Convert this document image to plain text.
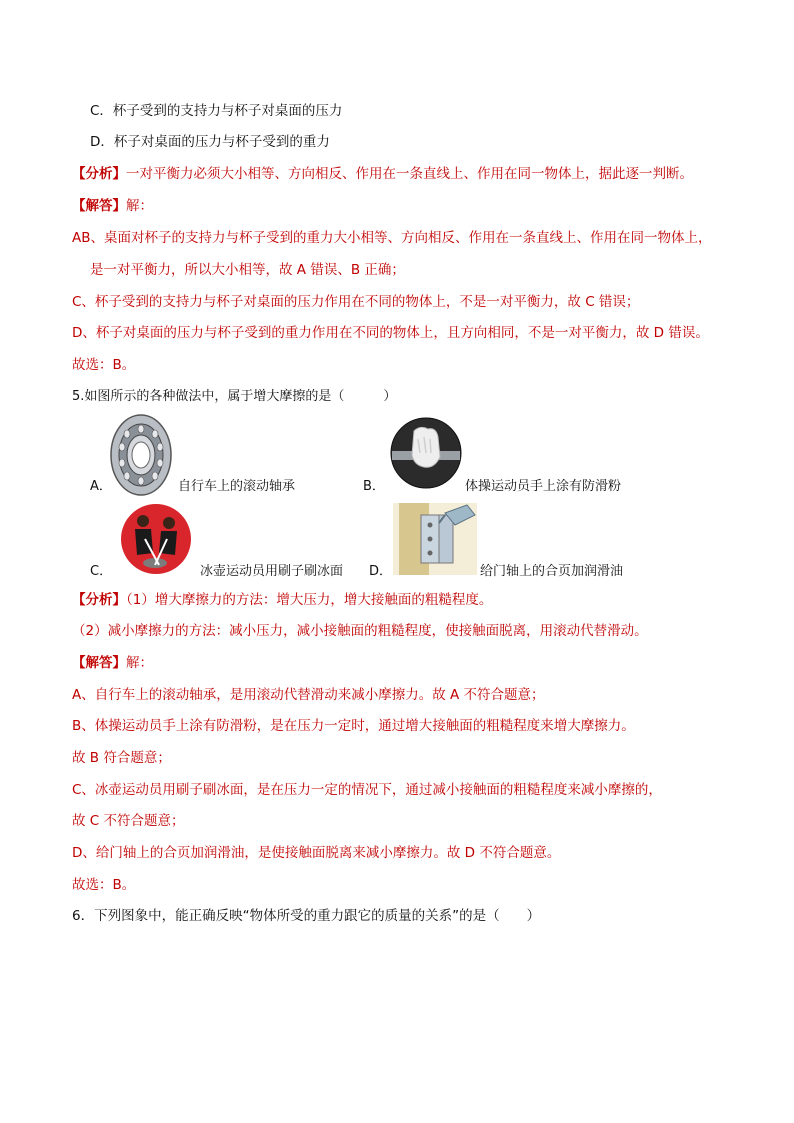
C．杯子受到的支持力与杯子对桌面的压力
D．杯子对桌面的压力与杯子受到的重力
【分析】一对平衡力必须大小相等、方向相反、作用在一条直线上、作用在同一物体上，据此逐一判断。
【解答】解：
AB、桌面对杯子的支持力与杯子受到的重力大小相等、方向相反、作用在一条直线上、作用在同一物体上，
是一对平衡力，所以大小相等，故 A 错误、B 正确；
C、杯子受到的支持力与杯子对桌面的压力作用在不同的物体上，不是一对平衡力，故 C 错误；
D、杯子对桌面的压力与杯子受到的重力作用在不同的物体上，且方向相同，不是一对平衡力，故 D 错误。
故选：B。
5.如图所示的各种做法中，属于增大摩擦的是（　　　）
A．	自行车上的滚动轴承	B．	体操运动员手上涂有防滑粉
C．	冰壶运动员用刷子刷冰面 D．	给门轴上的合页加润滑油
【分析】（1）增大摩擦力的方法：增大压力，增大接触面的粗糙程度。
（2）减小摩擦力的方法：减小压力，减小接触面的粗糙程度，使接触面脱离，用滚动代替滑动。
【解答】解：
A、自行车上的滚动轴承，是用滚动代替滑动来减小摩擦力。故 A 不符合题意；
B、体操运动员手上涂有防滑粉，是在压力一定时，通过增大接触面的粗糙程度来增大摩擦力。
故 B 符合题意；
C、冰壶运动员用刷子刷冰面，是在压力一定的情况下，通过减小接触面的粗糙程度来减小摩擦的，
故 C 不符合题意；
D、给门轴上的合页加润滑油，是使接触面脱离来减小摩擦力。故 D 不符合题意。
故选：B。
6．下列图象中，能正确反映“物体所受的重力跟它的质量的关系”的是（　　）
